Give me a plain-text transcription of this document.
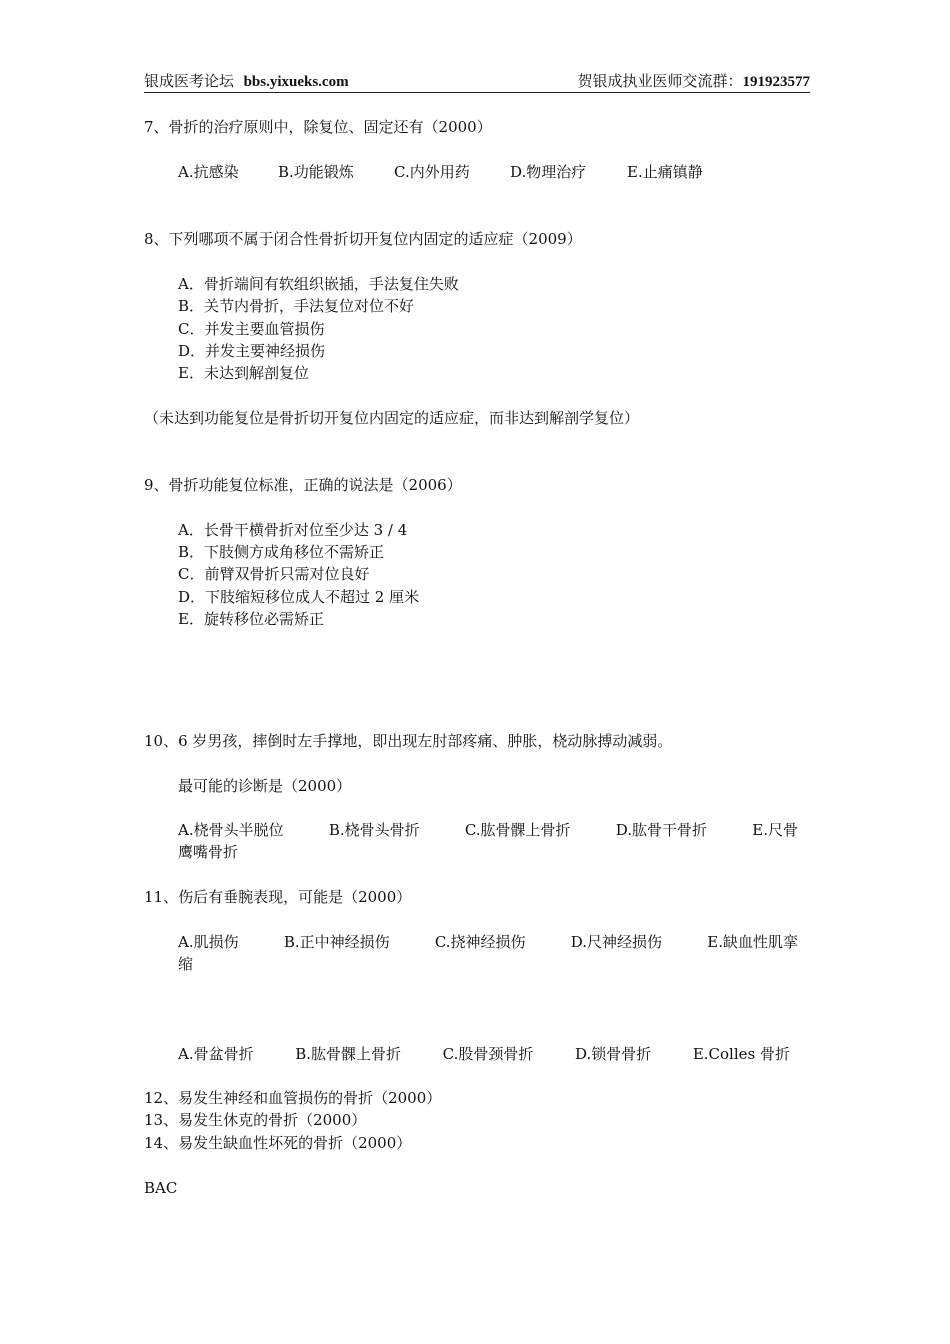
银成医考论坛 bbs.yixueks.com	贺银成执业医师交流群：191923577
7、骨折的治疗原则中，除复位、固定还有（2000）
A.抗感染	B.功能锻炼	C.内外用药	D.物理治疗	E.止痛镇静
8、下列哪项不属于闭合性骨折切开复位内固定的适应症（2009）
A．骨折端间有软组织嵌插，手法复住失败
B．关节内骨折，手法复位对位不好
C．并发主要血管损伤
D．并发主要神经损伤
E．未达到解剖复位
（未达到功能复位是骨折切开复位内固定的适应症，而非达到解剖学复位）
9、骨折功能复位标准，正确的说法是（2006）
A．长骨干横骨折对位至少达 3 / 4
B．下肢侧方成角移位不需矫正
C．前臂双骨折只需对位良好
D．下肢缩短移位成人不超过 2 厘米
E．旋转移位必需矫正
10、6 岁男孩，摔倒时左手撑地，即出现左肘部疼痛、肿胀，桡动脉搏动减弱。
最可能的诊断是（2000）
A.桡骨头半脱位	B.桡骨头骨折	C.肱骨髁上骨折	D.肱骨干骨折	E.尺骨
鹰嘴骨折
11、伤后有垂腕表现，可能是（2000）
A.肌损伤	B.正中神经损伤	C.挠神经损伤	D.尺神经损伤	E.缺血性肌挛
缩
A.骨盆骨折	B.肱骨髁上骨折	C.股骨颈骨折	D.锁骨骨折	E.Colles 骨折
12、易发生神经和血管损伤的骨折（2000）
13、易发生休克的骨折（2000）
14、易发生缺血性坏死的骨折（2000）
BAC
